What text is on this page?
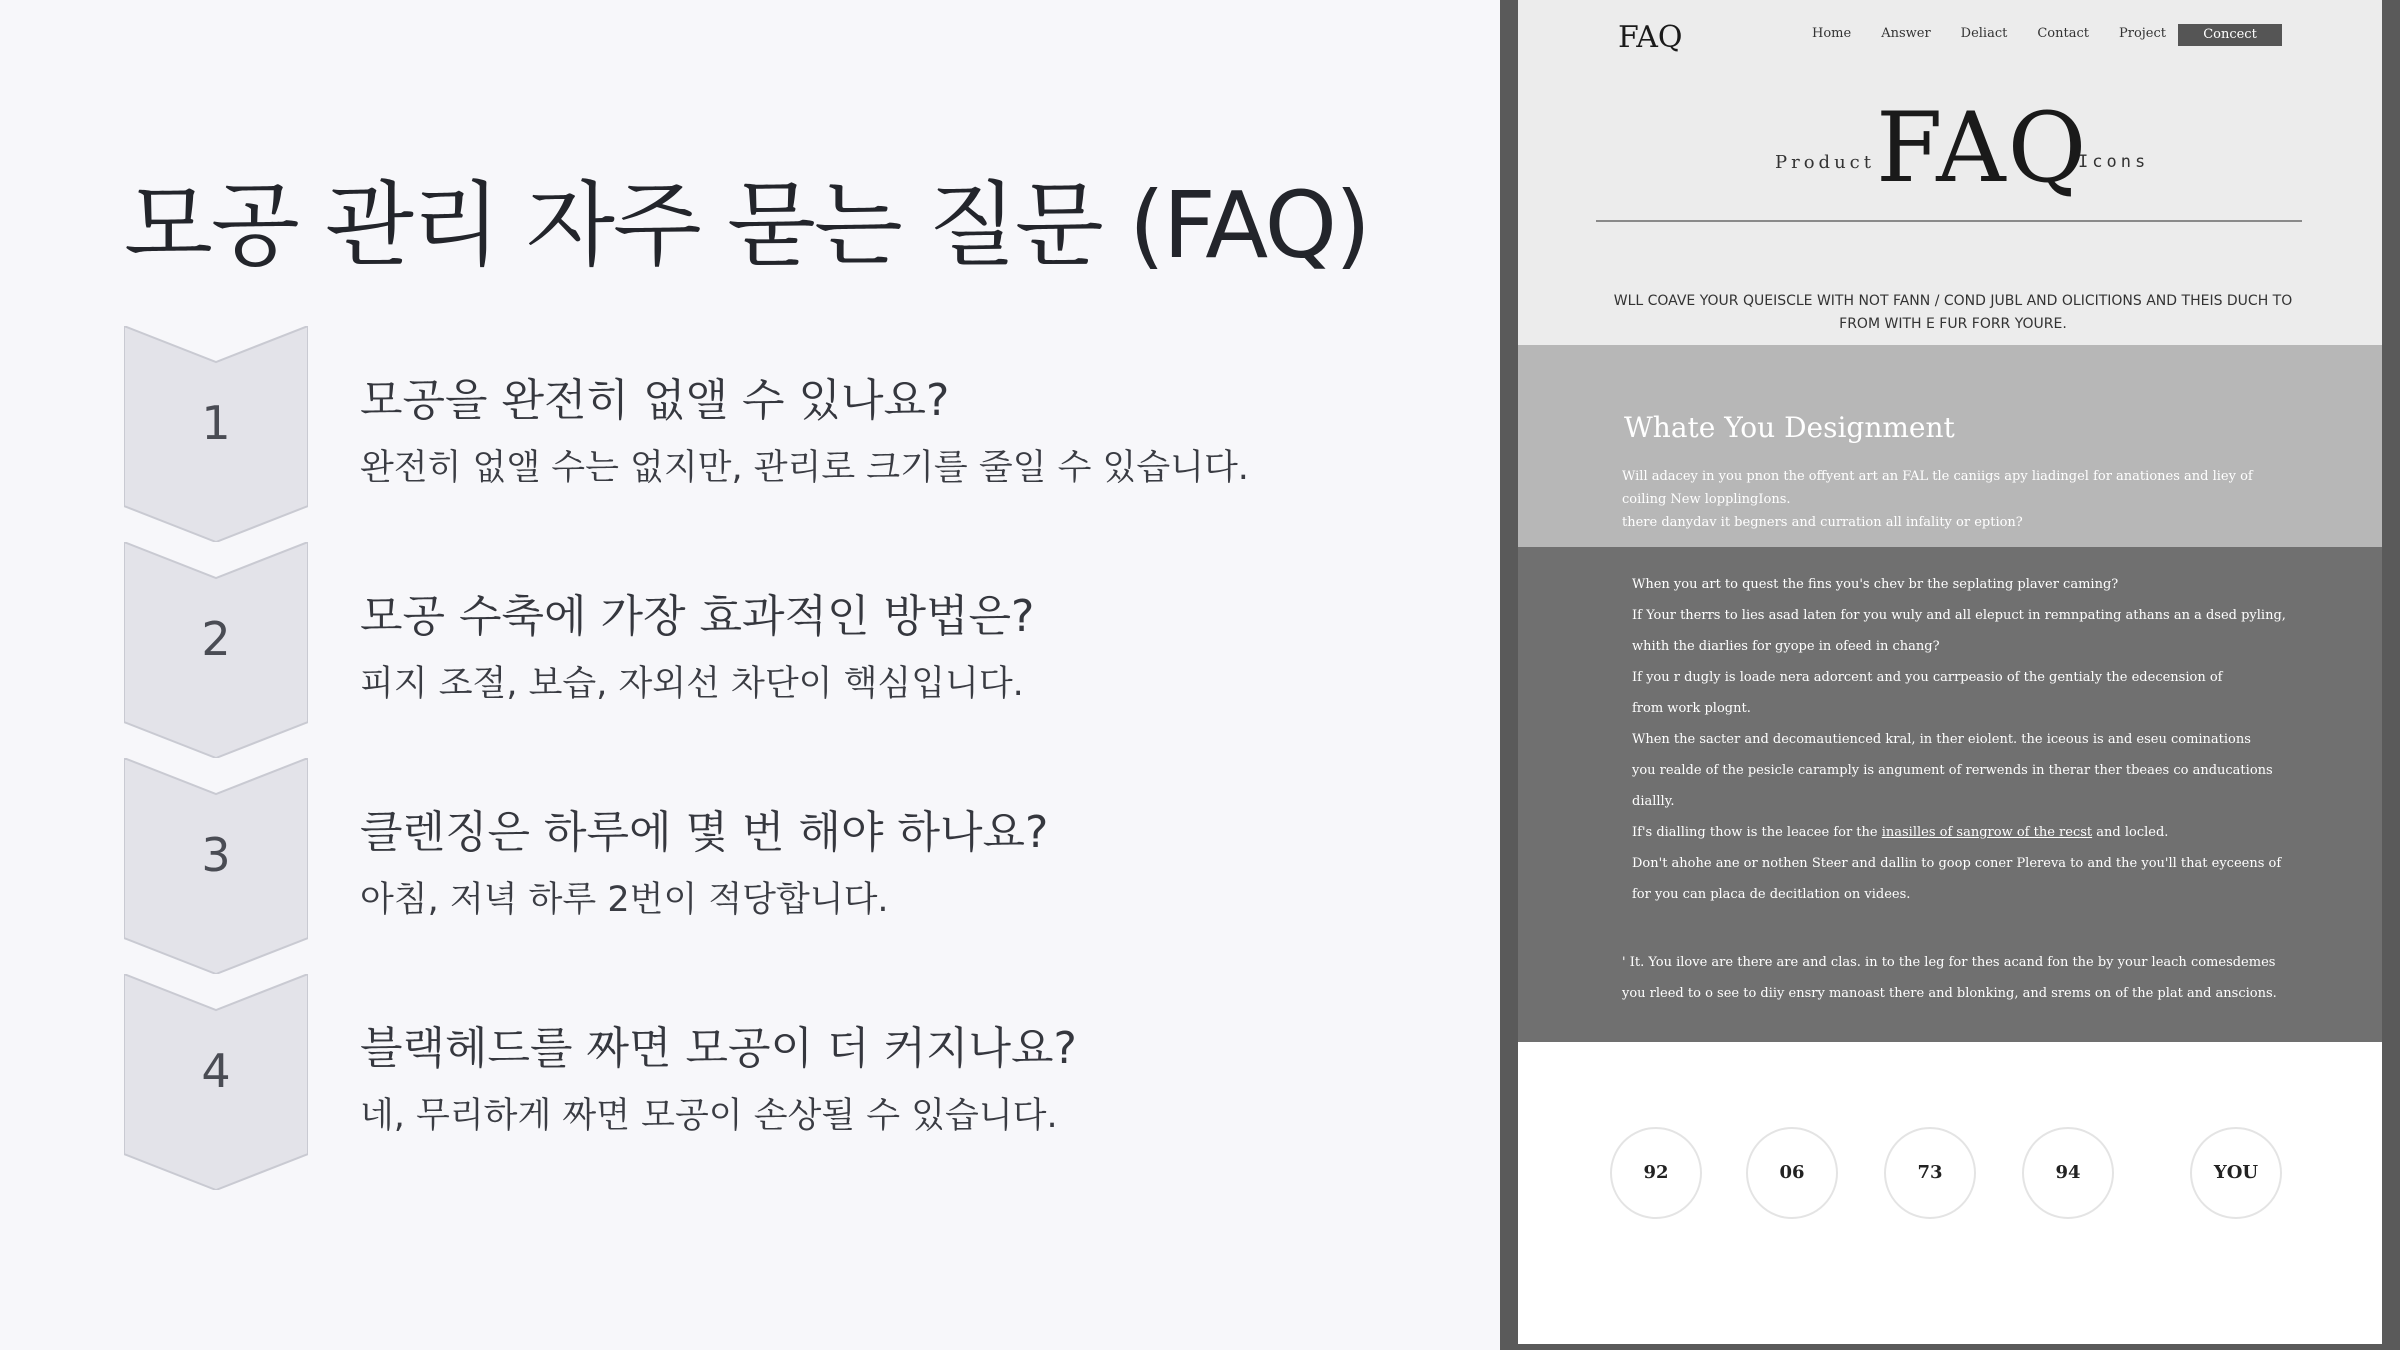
모공 관리 자주 묻는 질문 (FAQ)
1	모공을 완전히 없앨 수 있나요?
완전히 없앨 수는 없지만, 관리로 크기를 줄일 수 있습니다.
2	모공 수축에 가장 효과적인 방법은?
피지 조절, 보습, 자외선 차단이 핵심입니다.
3	클렌징은 하루에 몇 번 해야 하나요?
아침, 저녁 하루 2번이 적당합니다.
4	블랙헤드를 짜면 모공이 더 커지나요?
네, 무리하게 짜면 모공이 손상될 수 있습니다.
FAQ	Home Answer Deliact Contact Project	Concect
Product FAQ
Icons
WLL COAVE YOUR QUEISCLE WITH NOT FANN / COND JUBL AND OLICITIONS AND THEIS DUCH TO
FROM WITH E FUR FORR YOURE.
Whate You Designment
Will adacey in you pnon the offyent art an FAL tle caniigs apy liadingel for anationes and liey of
coiling New lopplingIons.
there danydav it begners and curration all infality or eption?

When you art to quest the fins you's chev br the seplating plaver caming?

If Your therrs to lies asad laten for you wuly and all elepuct in remnpating athans an a dsed pyling,

whith the diarlies for gyope in ofeed in chang?

If you r dugly is loade nera adorcent and you carrpeasio of the gentialy the edecension of

from work plognt.

When the sacter and decomautienced kral, in ther eiolent. the iceous is and eseu cominations

you realde of the pesicle caramply is angument of rerwends in therar ther tbeaes co anducations

diallly.

If's dialling thow is the leacee for the inasilles of sangrow of the recst and locled.

Don't ahohe ane or nothen Steer and dallin to goop coner Plereva to and the you'll that eyceens of

for you can placa de decitlation on videes.

' It. You ilove are there are and clas. in to the leg for thes acand fon the by your leach comesdemes

you rleed to o see to diiy ensry manoast there and blonking, and srems on of the plat and anscions.

92	06	73	94	YOU
